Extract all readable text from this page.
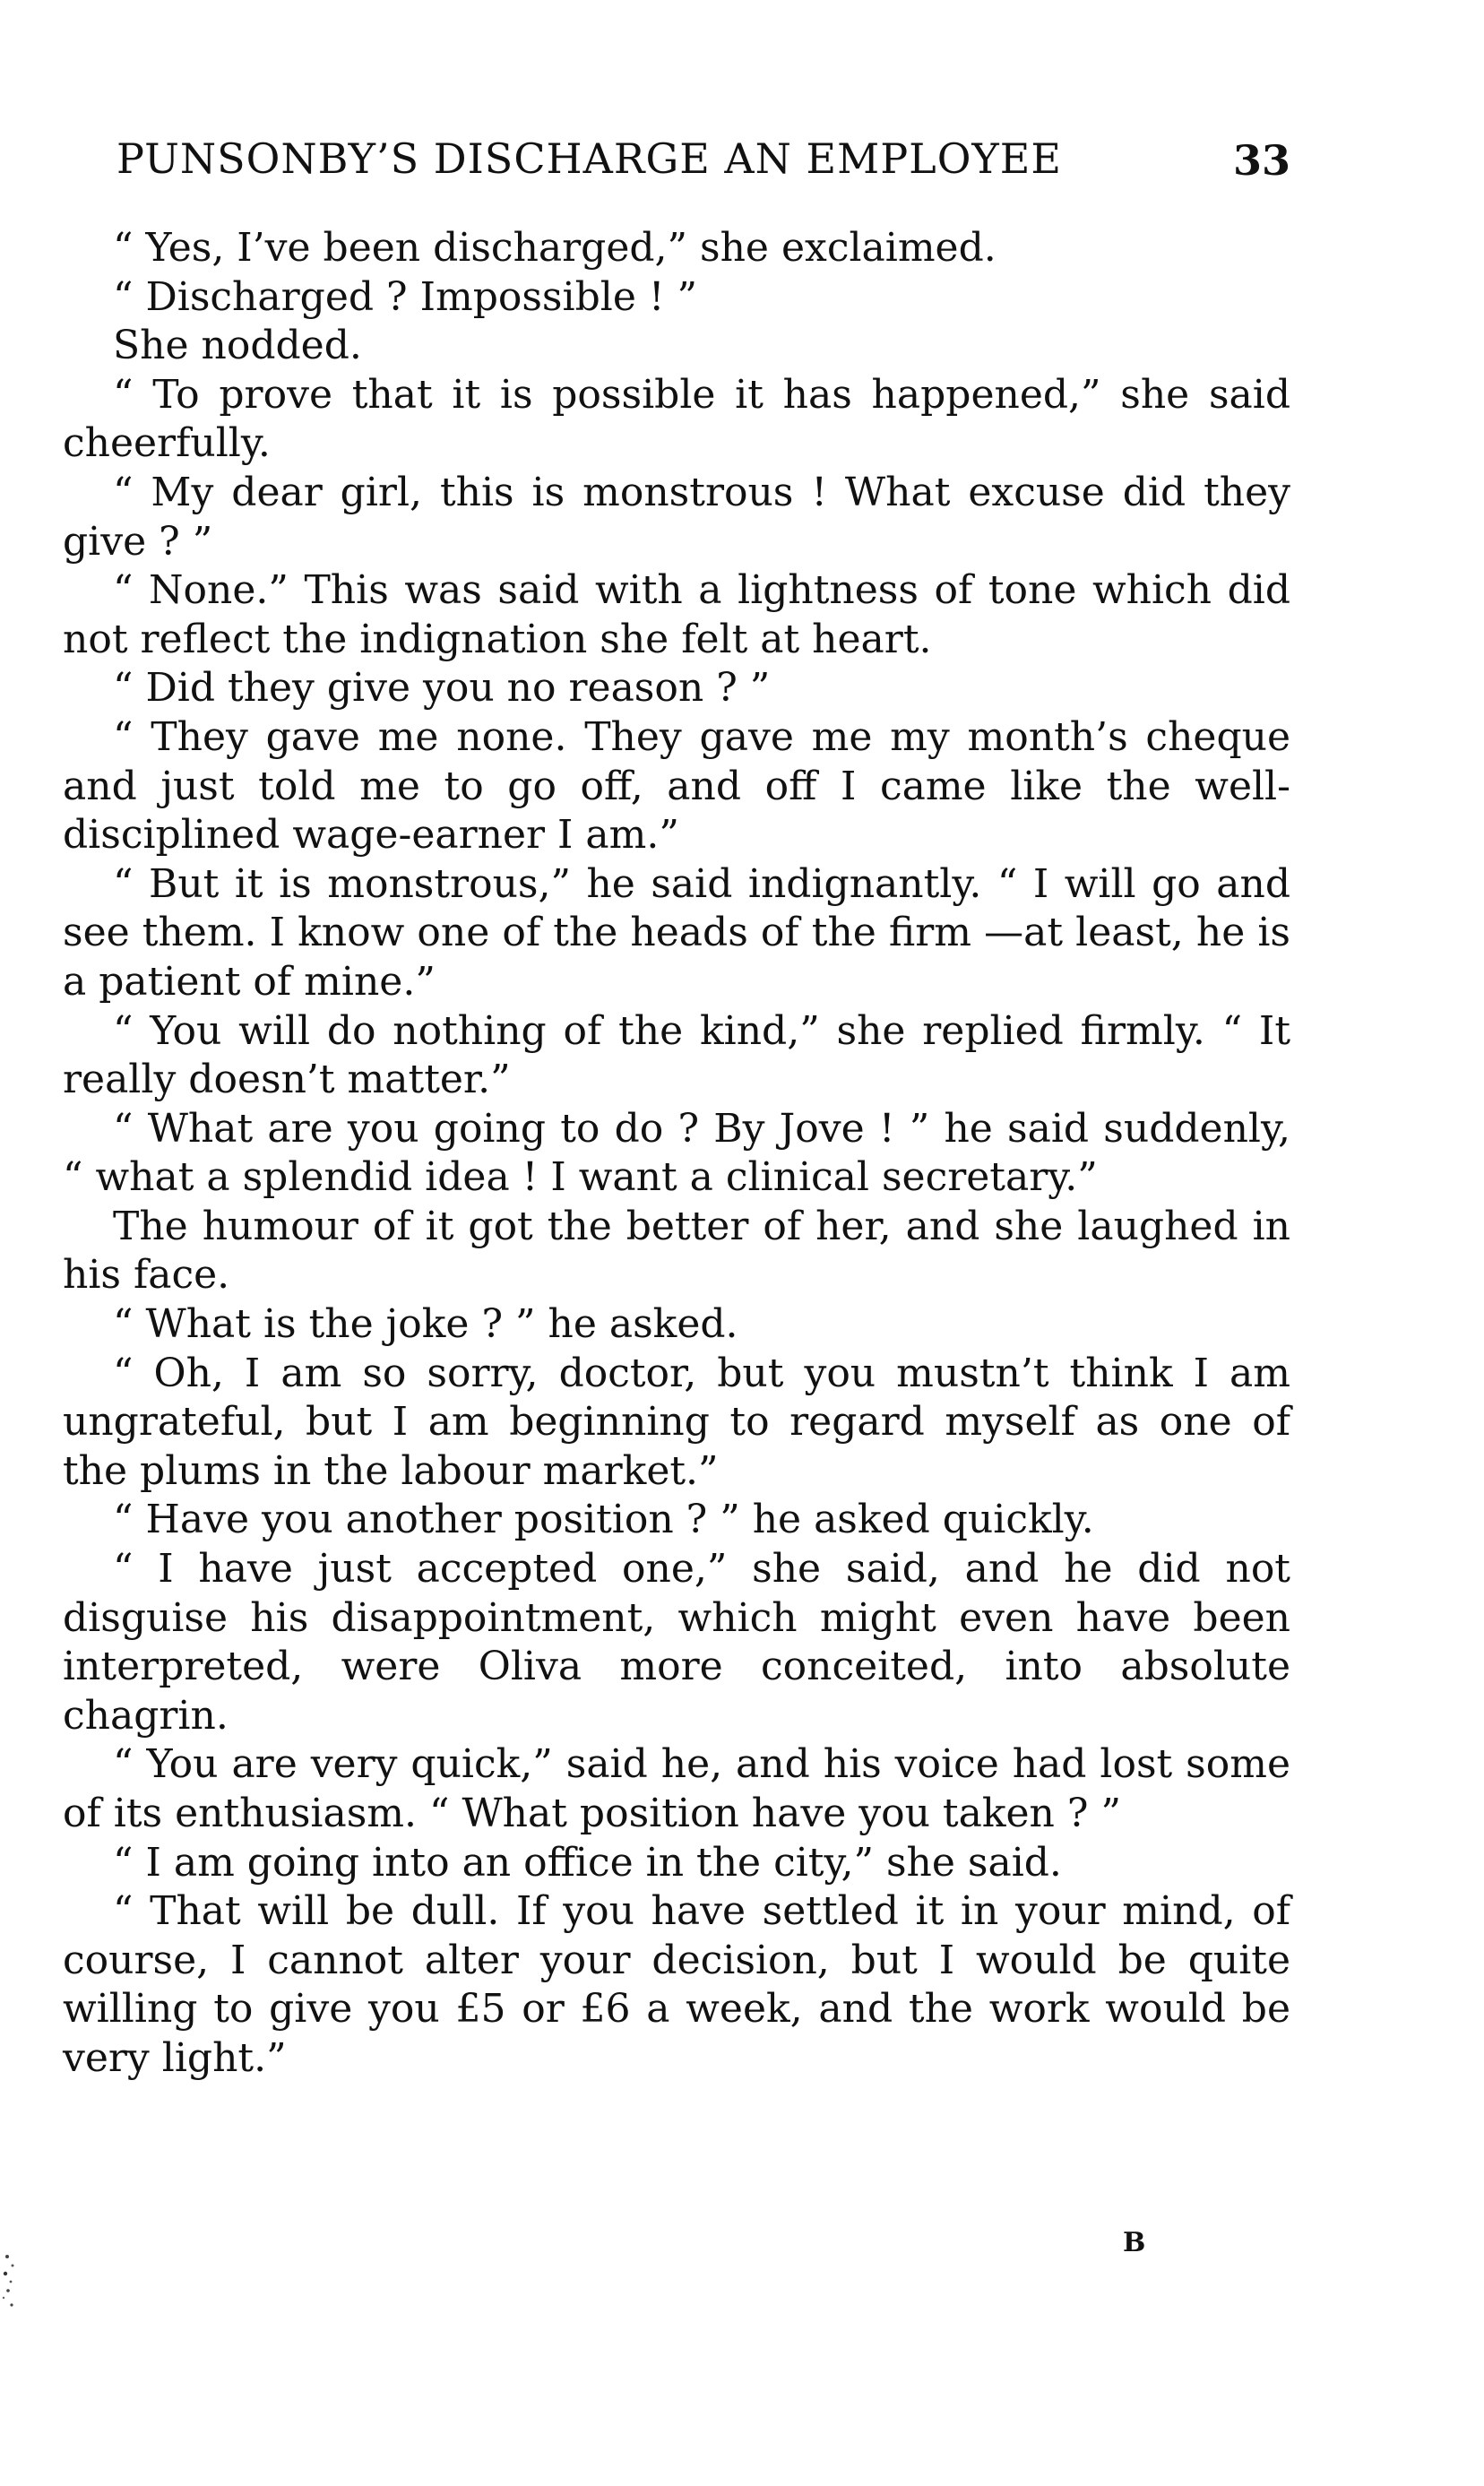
PUNSONBY’S DISCHARGE AN EMPLOYEE	33

“ Yes, I’ve been discharged,” she exclaimed.

“ Discharged ? Impossible ! ”

She nodded.

“ To prove that it is possible it has happened,” she said cheerfully.

“ My dear girl, this is monstrous ! What excuse did they give ? ”

“ None.” This was said with a lightness of tone which did not reflect the indignation she felt at heart.

“ Did they give you no reason ? ”

“ They gave me none. They gave me my month’s cheque and just told me to go off, and off I came like the well-disciplined wage-earner I am.”

“ But it is monstrous,” he said indignantly. “ I will go and see them. I know one of the heads of the firm —at least, he is a patient of mine.”

“ You will do nothing of the kind,” she replied firmly. “ It really doesn’t matter.”

“ What are you going to do ? By Jove ! ” he said suddenly, “ what a splendid idea ! I want a clinical secretary.”

The humour of it got the better of her, and she laughed in his face.

“ What is the joke ? ” he asked.

“ Oh, I am so sorry, doctor, but you mustn’t think I am ungrateful, but I am beginning to regard myself as one of the plums in the labour market.”

“ Have you another position ? ” he asked quickly.

“ I have just accepted one,” she said, and he did not disguise his disappointment, which might even have been interpreted, were Oliva more conceited, into absolute chagrin.

“ You are very quick,” said he, and his voice had lost some of its enthusiasm. “ What position have you taken ? ”

“ I am going into an office in the city,” she said.

“ That will be dull. If you have settled it in your mind, of course, I cannot alter your decision, but I would be quite willing to give you £5 or £6 a week, and the work would be very light.”

B
